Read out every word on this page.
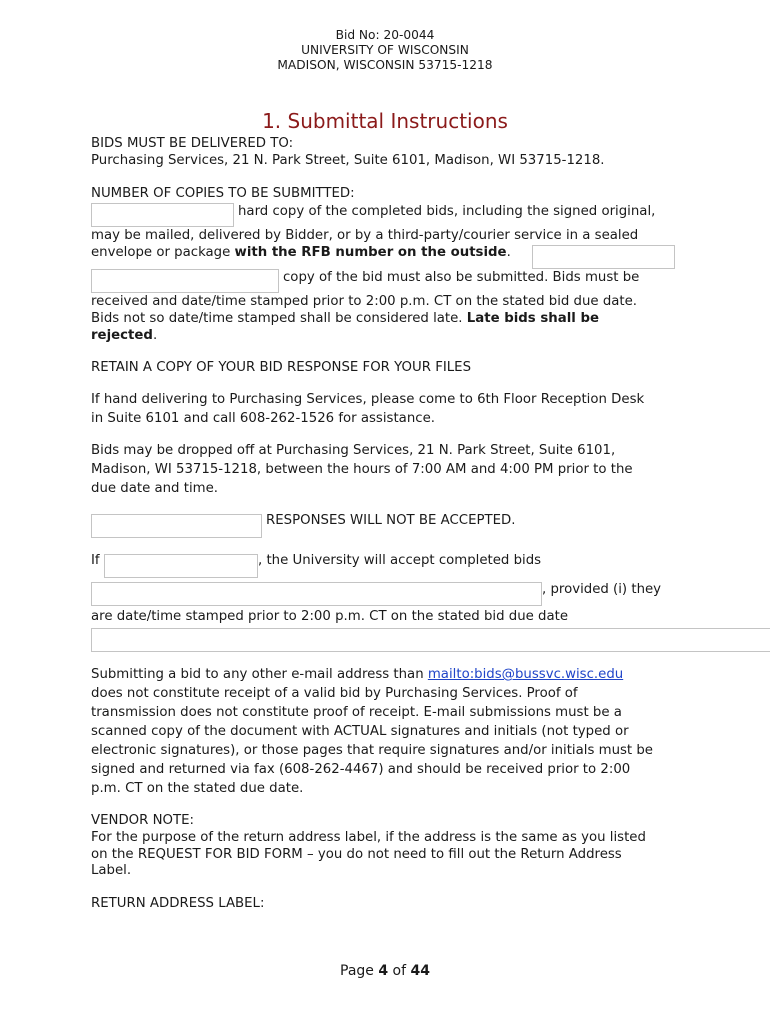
Bid No: 20-0044
UNIVERSITY OF WISCONSIN
MADISON, WISCONSIN 53715-1218
1. Submittal Instructions
BIDS MUST BE DELIVERED TO:
Purchasing Services, 21 N. Park Street, Suite 6101, Madison, WI 53715-1218.
NUMBER OF COPIES TO BE SUBMITTED:
hard copy of the completed bids, including the signed original,
may be mailed, delivered by Bidder, or by a third-party/courier service in a sealed
envelope or package with the RFB number on the outside.
copy of the bid must also be submitted. Bids must be
received and date/time stamped prior to 2:00 p.m. CT on the stated bid due date.
Bids not so date/time stamped shall be considered late. Late bids shall be
rejected.
RETAIN A COPY OF YOUR BID RESPONSE FOR YOUR FILES
If hand delivering to Purchasing Services, please come to 6th Floor Reception Desk
in Suite 6101 and call 608-262-1526 for assistance.
Bids may be dropped off at Purchasing Services, 21 N. Park Street, Suite 6101,
Madison, WI 53715-1218, between the hours of 7:00 AM and 4:00 PM prior to the
due date and time.
RESPONSES WILL NOT BE ACCEPTED.
If	, the University will accept completed bids
, provided (i) they
are date/time stamped prior to 2:00 p.m. CT on the stated bid due date
Submitting a bid to any other e-mail address than mailto:bids@bussvc.wisc.edu
does not constitute receipt of a valid bid by Purchasing Services. Proof of
transmission does not constitute proof of receipt. E-mail submissions must be a
scanned copy of the document with ACTUAL signatures and initials (not typed or
electronic signatures), or those pages that require signatures and/or initials must be
signed and returned via fax (608-262-4467) and should be received prior to 2:00
p.m. CT on the stated due date.
VENDOR NOTE:
For the purpose of the return address label, if the address is the same as you listed
on the REQUEST FOR BID FORM – you do not need to fill out the Return Address
Label.
RETURN ADDRESS LABEL:
Page 4 of 44
